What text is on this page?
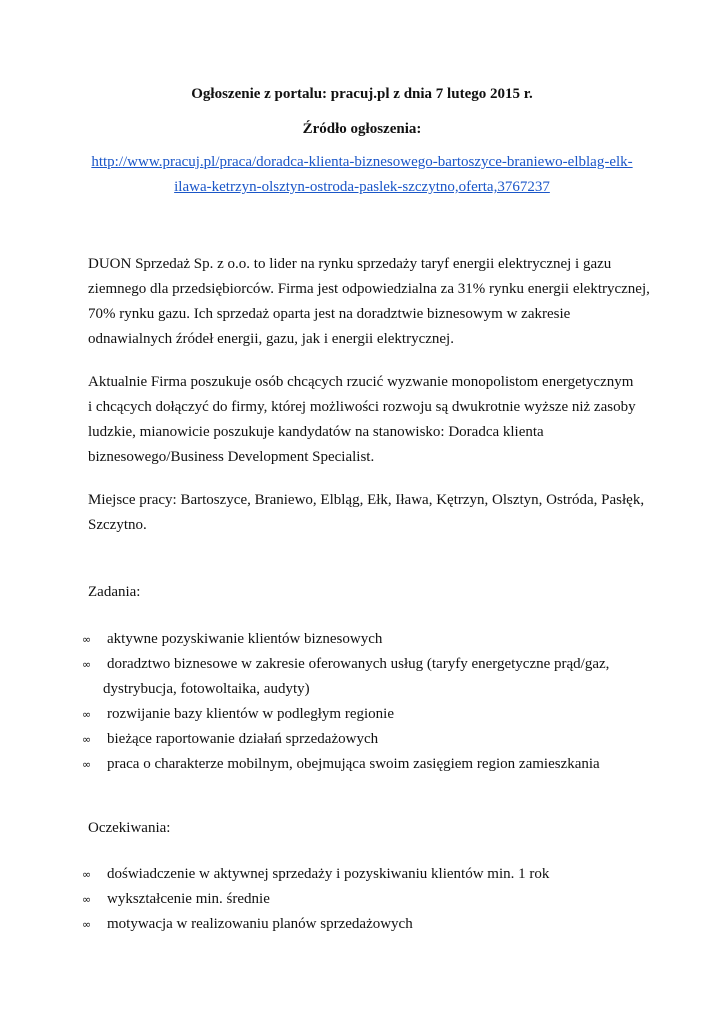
Ogłoszenie z portalu: pracuj.pl z dnia 7 lutego 2015 r.

Źródło ogłoszenia:

http://www.pracuj.pl/praca/doradca-klienta-biznesowego-bartoszyce-braniewo-elblag-elk-
ilawa-ketrzyn-olsztyn-ostroda-paslek-szczytno,oferta,3767237

DUON Sprzedaż Sp. z o.o. to lider na rynku sprzedaży taryf energii elektrycznej i gazu
ziemnego dla przedsiębiorców. Firma jest odpowiedzialna za 31% rynku energii elektrycznej,
70% rynku gazu. Ich sprzedaż oparta jest na doradztwie biznesowym w zakresie
odnawialnych źródeł energii, gazu, jak i energii elektrycznej.

Aktualnie Firma poszukuje osób chcących rzucić wyzwanie monopolistom energetycznym
i chcących dołączyć do firmy, której możliwości rozwoju są dwukrotnie wyższe niż zasoby
ludzkie, mianowicie poszukuje kandydatów na stanowisko: Doradca klienta
biznesowego/Business Development Specialist.

Miejsce pracy: Bartoszyce, Braniewo, Elbląg, Ełk, Iława, Kętrzyn, Olsztyn, Ostróda, Pasłęk,
Szczytno.

Zadania:

∞ aktywne pozyskiwanie klientów biznesowych
∞ doradztwo biznesowe w zakresie oferowanych usług (taryfy energetyczne prąd/gaz,
dystrybucja, fotowoltaika, audyty)
∞ rozwijanie bazy klientów w podległym regionie
∞ bieżące raportowanie działań sprzedażowych
∞ praca o charakterze mobilnym, obejmująca swoim zasięgiem region zamieszkania

Oczekiwania:

∞ doświadczenie w aktywnej sprzedaży i pozyskiwaniu klientów min. 1 rok
∞ wykształcenie min. średnie
∞ motywacja w realizowaniu planów sprzedażowych
